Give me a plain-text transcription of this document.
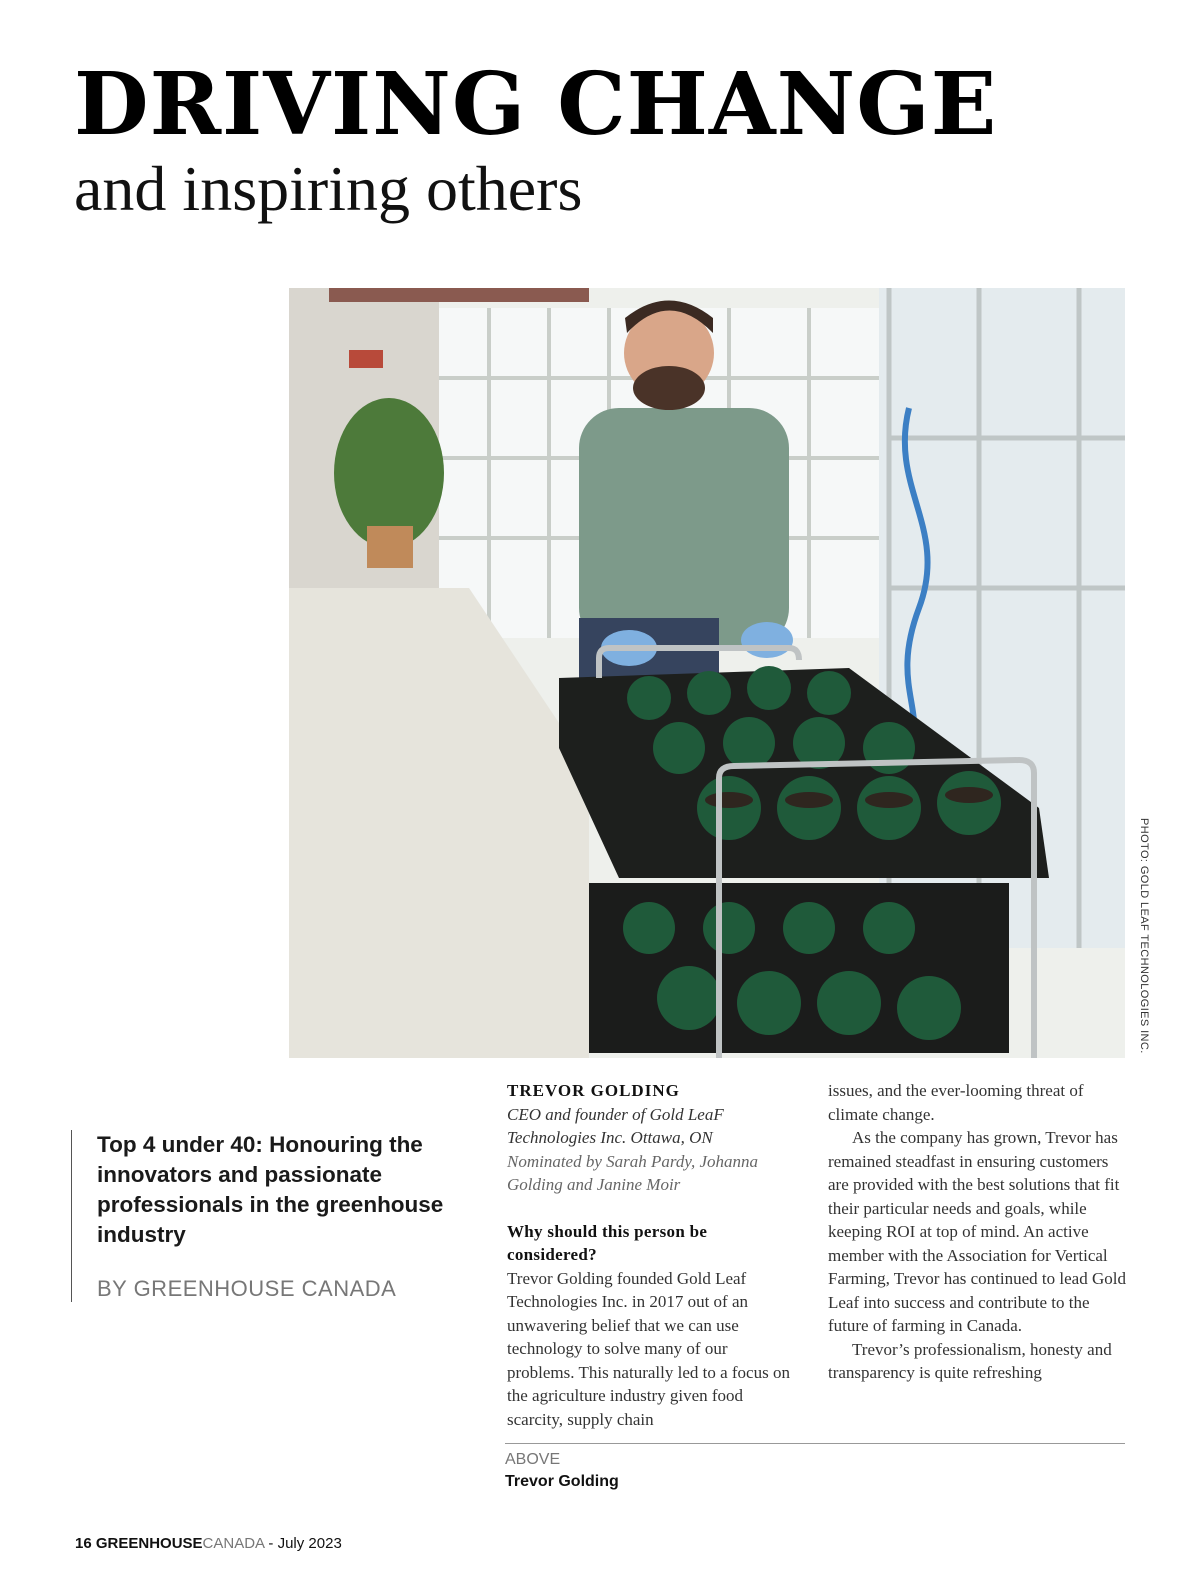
DRIVING CHANGE
and inspiring others
PHOTO: GOLD LEAF TECHNOLOGIES INC.

Top 4 under 40: Honouring the innovators and passionate professionals in the greenhouse industry

BY GREENHOUSE CANADA

TREVOR GOLDING

CEO and founder of Gold LeaF Technologies Inc. Ottawa, ON

Nominated by Sarah Pardy, Johanna Golding and Janine Moir

Why should this person be considered?

Trevor Golding founded Gold Leaf Technologies Inc. in 2017 out of an unwavering belief that we can use technology to solve many of our problems. This naturally led to a focus on the agriculture industry given food scarcity, supply chain

issues, and the ever-looming threat of climate change.

As the company has grown, Trevor has remained steadfast in ensuring customers are provided with the best solutions that fit their particular needs and goals, while keeping ROI at top of mind. An active member with the Association for Vertical Farming, Trevor has continued to lead Gold Leaf into success and contribute to the future of farming in Canada.

Trevor’s professionalism, honesty and transparency is quite refreshing

ABOVE
Trevor Golding
16 GREENHOUSECANADA - July 2023
